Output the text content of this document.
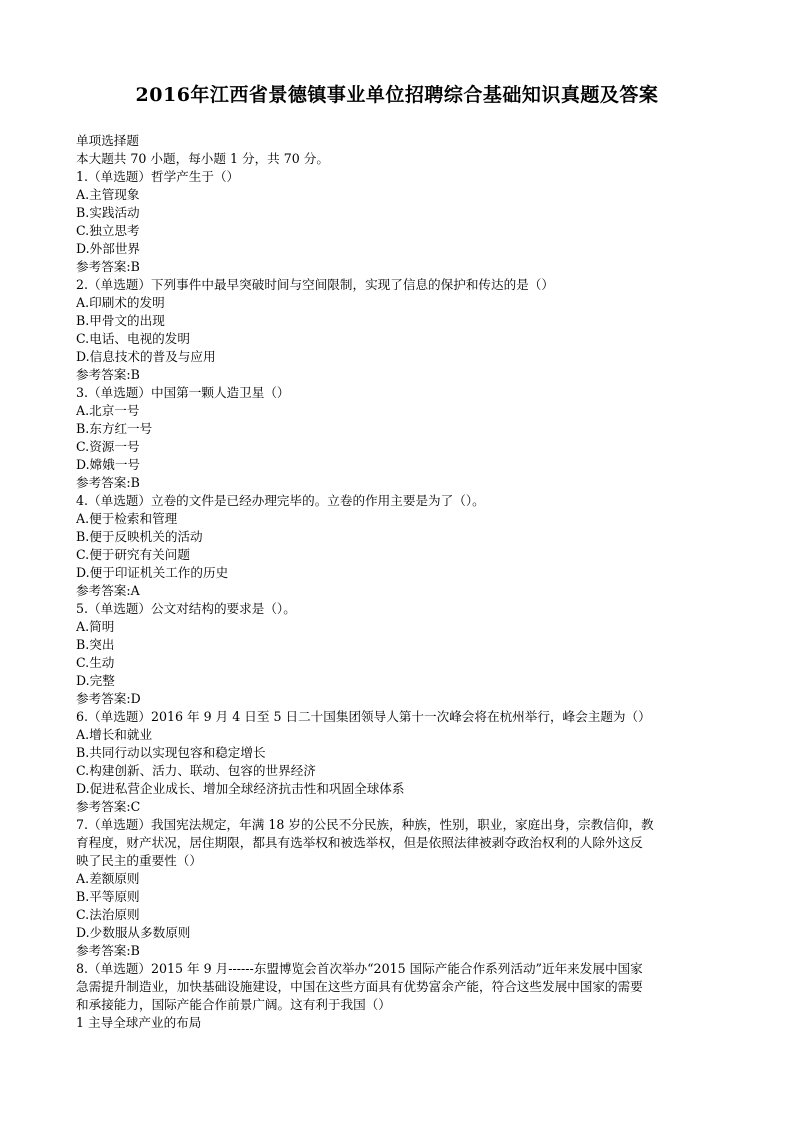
2016年江西省景德镇事业单位招聘综合基础知识真题及答案
单项选择题
本大题共 70 小题，每小题 1 分，共 70 分。
1.（单选题）哲学产生于（）
A.主管现象
B.实践活动
C.独立思考
D.外部世界
参考答案:B
2.（单选题）下列事件中最早突破时间与空间限制，实现了信息的保护和传达的是（）
A.印刷术的发明
B.甲骨文的出现
C.电话、电视的发明
D.信息技术的普及与应用
参考答案:B
3.（单选题）中国第一颗人造卫星（）
A.北京一号
B.东方红一号
C.资源一号
D.嫦娥一号
参考答案:B
4.（单选题）立卷的文件是已经办理完毕的。立卷的作用主要是为了（）。
A.便于检索和管理
B.便于反映机关的活动
C.便于研究有关问题
D.便于印证机关工作的历史
参考答案:A
5.（单选题）公文对结构的要求是（）。
A.简明
B.突出
C.生动
D.完整
参考答案:D
6.（单选题）2016 年 9 月 4 日至 5 日二十国集团领导人第十一次峰会将在杭州举行，峰会主题为（）
A.增长和就业
B.共同行动以实现包容和稳定增长
C.构建创新、活力、联动、包容的世界经济
D.促进私营企业成长、增加全球经济抗击性和巩固全球体系
参考答案:C
7.（单选题）我国宪法规定，年满 18 岁的公民不分民族，种族，性别，职业，家庭出身，宗教信仰，教
育程度，财产状况，居住期限，都具有选举权和被选举权，但是依照法律被剥夺政治权利的人除外这反
映了民主的重要性（）
A.差额原则
B.平等原则
C.法治原则
D.少数服从多数原则
参考答案:B
8.（单选题）2015 年 9 月------东盟博览会首次举办“2015 国际产能合作系列活动”近年来发展中国家
急需提升制造业，加快基础设施建设，中国在这些方面具有优势富余产能，符合这些发展中国家的需要
和承接能力，国际产能合作前景广阔。这有利于我国（）
1 主导全球产业的布局
